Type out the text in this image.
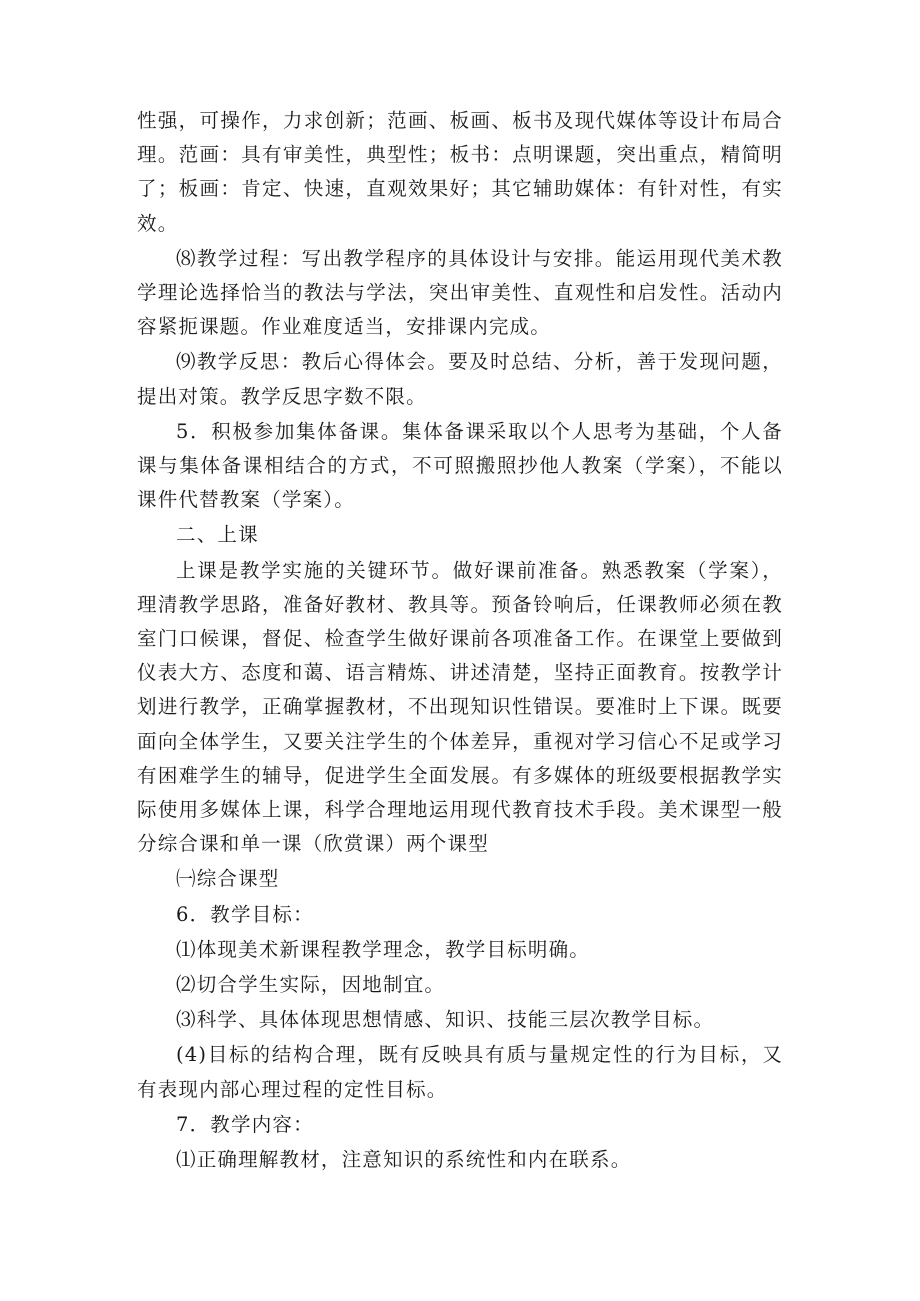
性强，可操作，力求创新；范画、板画、板书及现代媒体等设计布局合理。范画：具有审美性，典型性；板书：点明课题，突出重点，精简明了；板画：肯定、快速，直观效果好；其它辅助媒体：有针对性，有实效。

⑻教学过程：写出教学程序的具体设计与安排。能运用现代美术教学理论选择恰当的教法与学法，突出审美性、直观性和启发性。活动内容紧扼课题。作业难度适当，安排课内完成。

⑼教学反思：教后心得体会。要及时总结、分析，善于发现问题，提出对策。教学反思字数不限。

5．积极参加集体备课。集体备课采取以个人思考为基础，个人备课与集体备课相结合的方式，不可照搬照抄他人教案（学案），不能以课件代替教案（学案）。

二、上课

上课是教学实施的关键环节。做好课前准备。熟悉教案（学案），理清教学思路，准备好教材、教具等。预备铃响后，任课教师必须在教室门口候课，督促、检查学生做好课前各项准备工作。在课堂上要做到仪表大方、态度和蔼、语言精炼、讲述清楚，坚持正面教育。按教学计划进行教学，正确掌握教材，不出现知识性错误。要准时上下课。既要面向全体学生，又要关注学生的个体差异，重视对学习信心不足或学习有困难学生的辅导，促进学生全面发展。有多媒体的班级要根据教学实际使用多媒体上课，科学合理地运用现代教育技术手段。美术课型一般分综合课和单一课（欣赏课）两个课型

㈠综合课型

6．教学目标：

⑴体现美术新课程教学理念，教学目标明确。

⑵切合学生实际，因地制宜。

⑶科学、具体体现思想情感、知识、技能三层次教学目标。

(4)目标的结构合理，既有反映具有质与量规定性的行为目标，又有表现内部心理过程的定性目标。

7．教学内容：

⑴正确理解教材，注意知识的系统性和内在联系。
